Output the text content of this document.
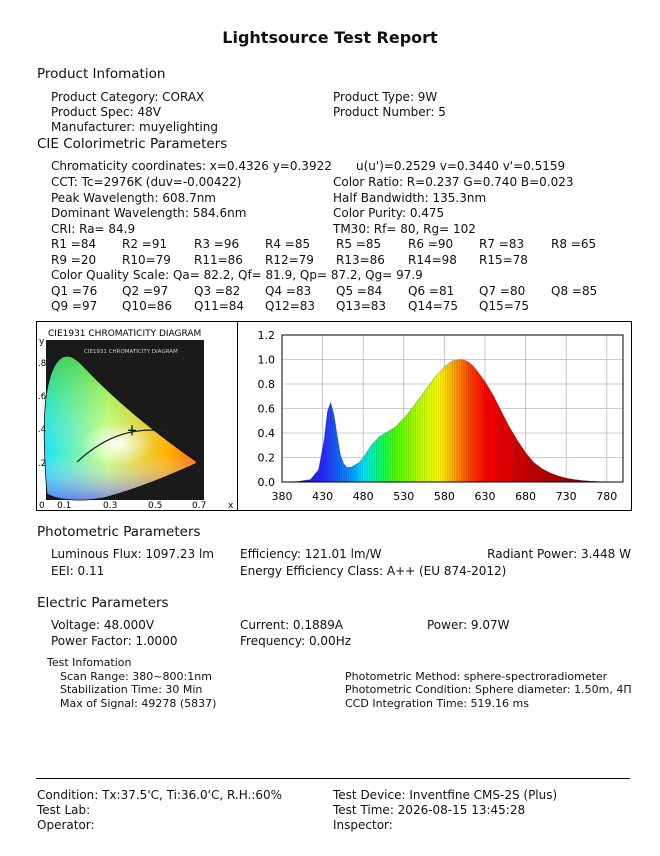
Lightsource Test Report
Product Infomation
Product Category: CORAX
Product Spec: 48V
Manufacturer: muyelighting
Product Type: 9W
Product Number: 5
CIE Colorimetric Parameters
Chromaticity coordinates: x=0.4326 y=0.3922 u(u')=0.2529 v=0.3440 v'=0.5159
CCT: Tc=2976K (duv=-0.00422)	Color Ratio: R=0.237 G=0.740 B=0.023
Peak Wavelength: 608.7nm	Half Bandwidth: 135.3nm
Dominant Wavelength: 584.6nm	Color Purity: 0.475
CRI: Ra= 84.9	TM30: Rf= 80, Rg= 102
R1 =84 R2 =91 R3 =96 R4 =85 R5 =85 R6 =90 R7 =83 R8 =65
R9 =20 R10=79 R11=86 R12=79 R13=86 R14=98 R15=78
Color Quality Scale: Qa= 82.2, Qf= 81.9, Qp= 87.2, Qg= 97.9
Q1 =76 Q2 =97 Q3 =82 Q4 =83 Q5 =84 Q6 =81 Q7 =80 Q8 =85
Q9 =97 Q10=86 Q11=84 Q12=83 Q13=83 Q14=75 Q15=75
CIE1931 CHROMATICITY DIAGRAM
CIE1931 CHROMATICITY DIAGRAM
y
.8
.6
.4
.2
0 0.1	0.3	0.5	0.7 x
0.0
0.2
0.4
0.6
0.8
1.0
1.2
380 430 480 530 580 630 680 730 780
Photometric Parameters
Luminous Flux: 1097.23 lm Efficiency: 121.01 lm/W	Radiant Power: 3.448 W
EEI: 0.11	Energy Efficiency Class: A++ (EU 874-2012)
Electric Parameters
Voltage: 48.000V	Current: 0.1889A	Power: 9.07W
Power Factor: 1.0000	Frequency: 0.00Hz
Test Infomation
Scan Range: 380~800:1nm
Stabilization Time: 30 Min
Max of Signal: 49278 (5837)
Photometric Method: sphere-spectroradiometer
Photometric Condition: Sphere diameter: 1.50m, 4Π
CCD Integration Time: 519.16 ms
Condition: Tx:37.5'C, Ti:36.0'C, R.H.:60%
Test Lab:
Operator:
Test Device: Inventfine CMS-2S (Plus)
Test Time: 2026-08-15 13:45:28
Inspector:
